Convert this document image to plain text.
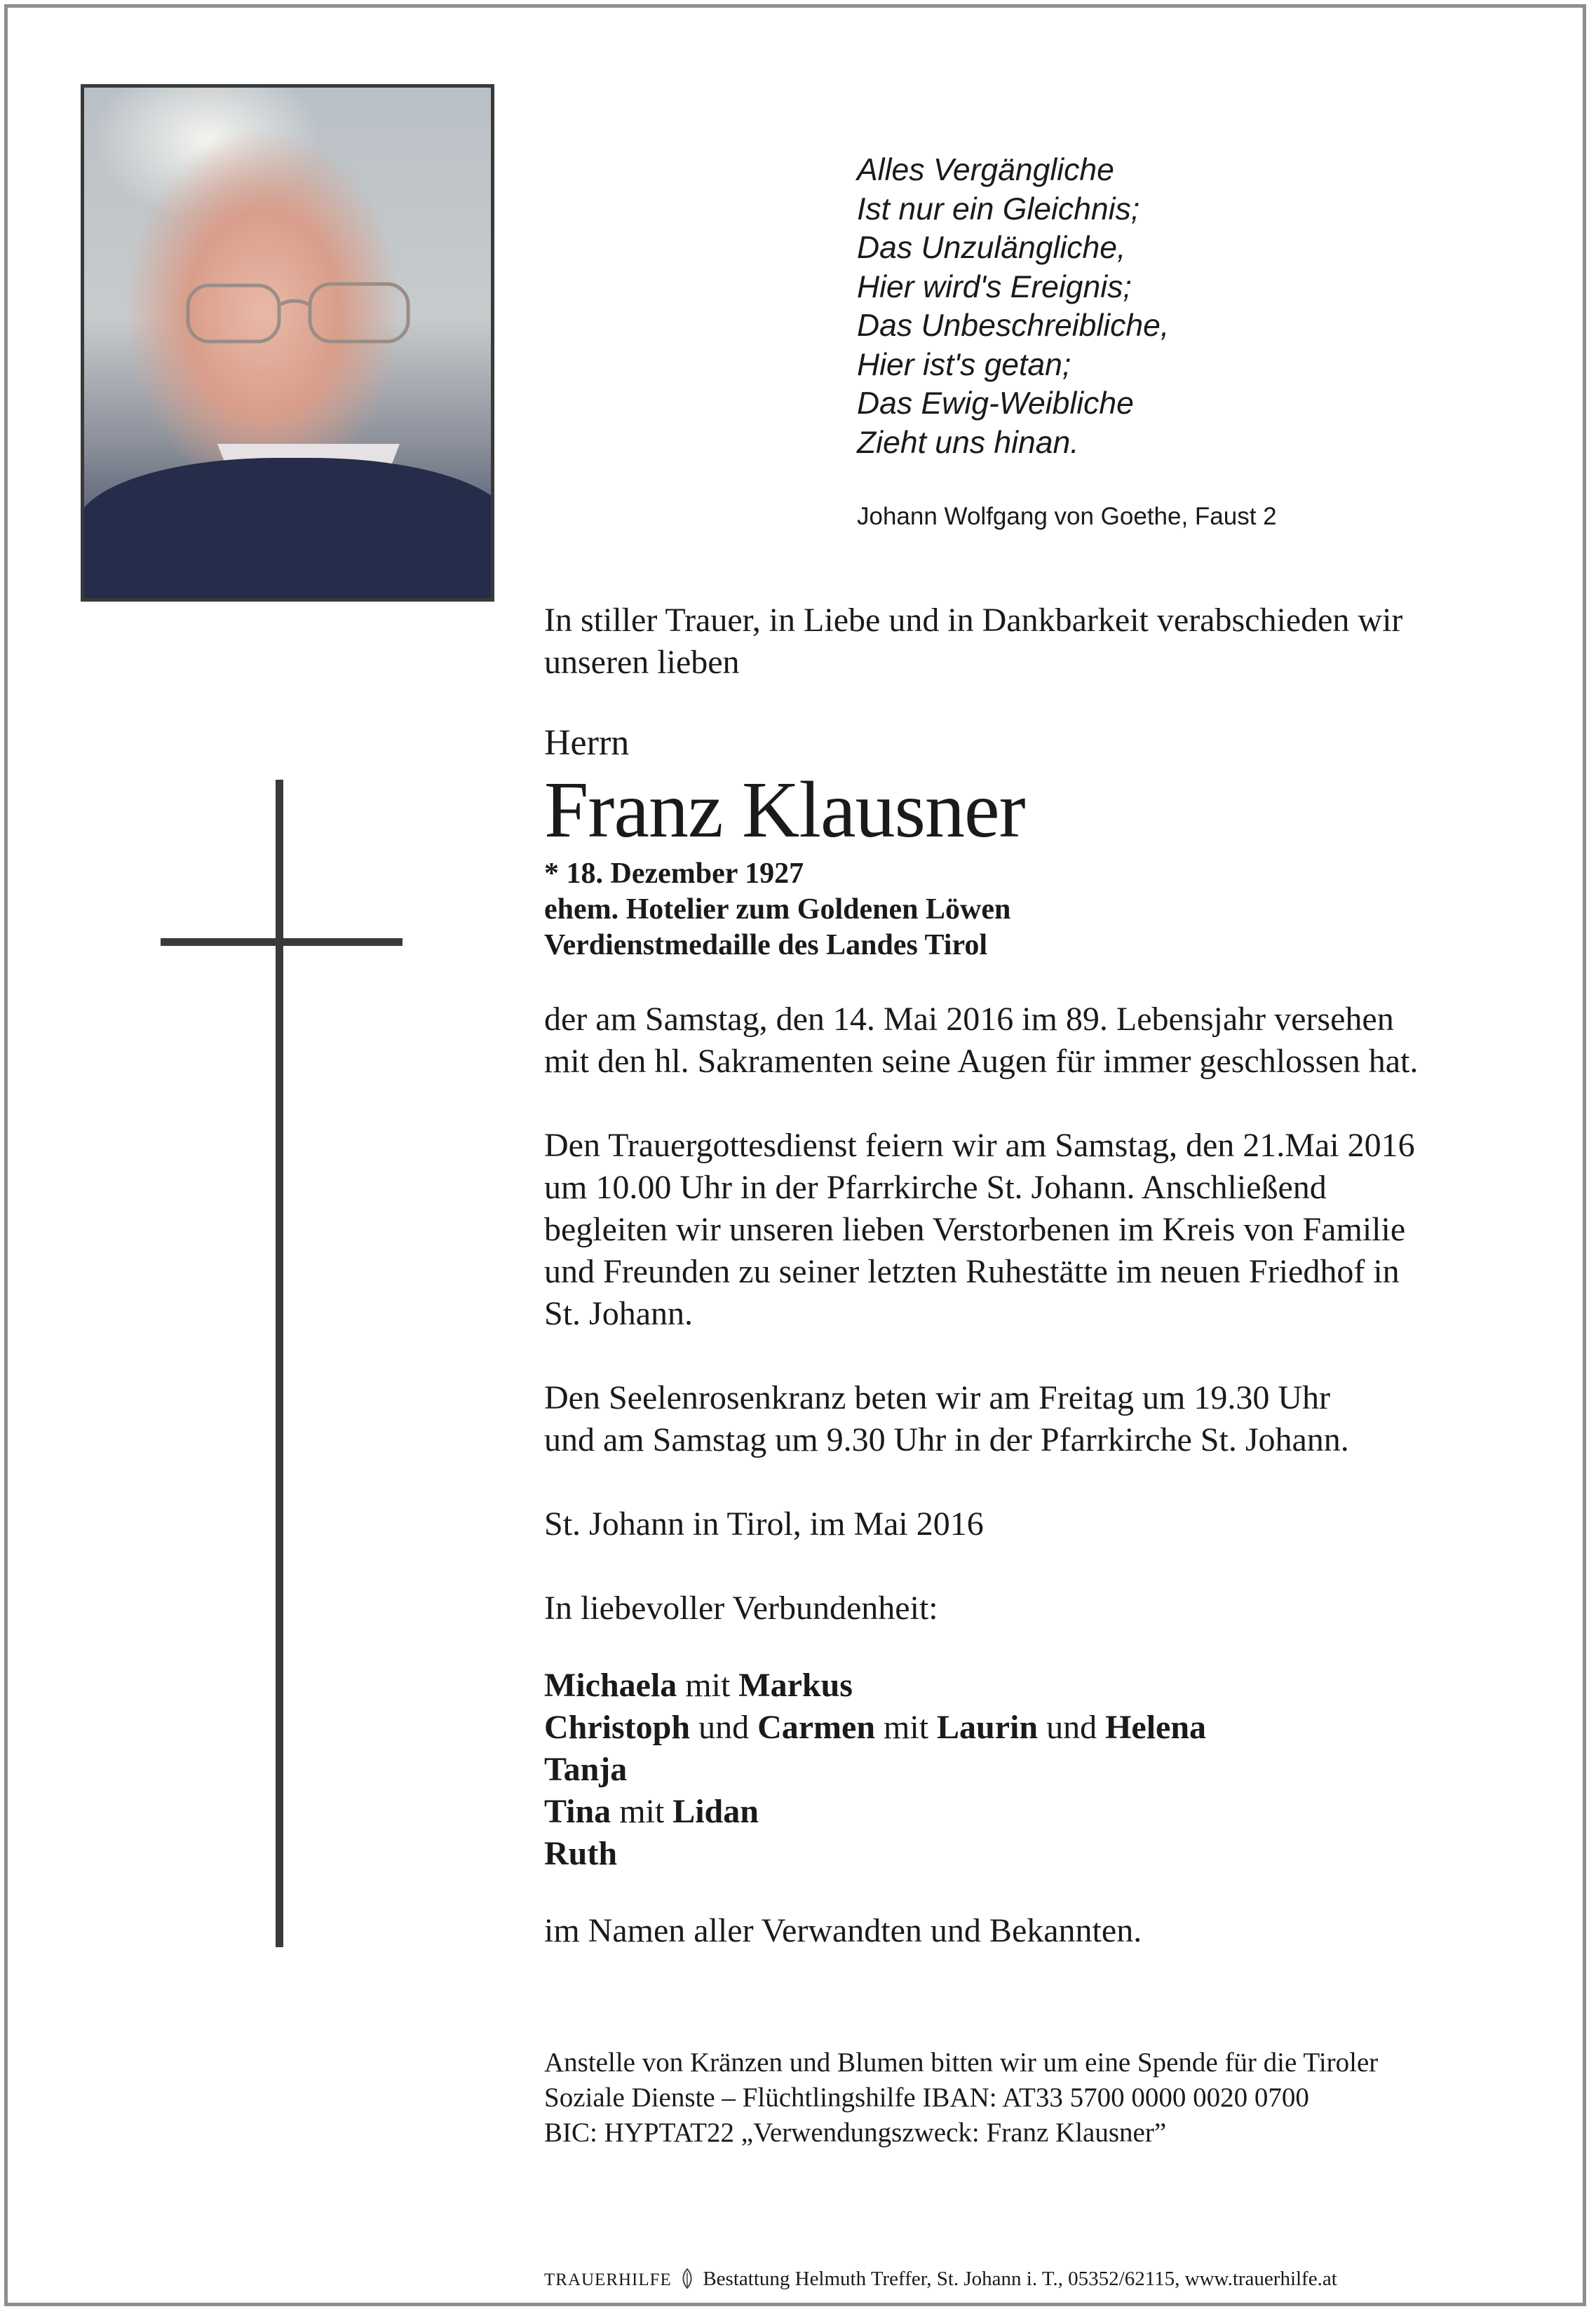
Alles Vergängliche
Ist nur ein Gleichnis;
Das Unzulängliche,
Hier wird's Ereignis;
Das Unbeschreibliche,
Hier ist's getan;
Das Ewig-Weibliche
Zieht uns hinan.
Johann Wolfgang von Goethe, Faust 2

In stiller Trauer, in Liebe und in Dankbarkeit verabschieden wir

unseren lieben

Herrn

Franz Klausner

* 18. Dezember 1927

ehem. Hotelier zum Goldenen Löwen

Verdienstmedaille des Landes Tirol

der am Samstag, den 14. Mai 2016 im 89. Lebensjahr versehen

mit den hl. Sakramenten seine Augen für immer geschlossen hat.

Den Trauergottesdienst feiern wir am Samstag, den 21.Mai 2016

um 10.00 Uhr in der Pfarrkirche St. Johann. Anschließend

begleiten wir unseren lieben Verstorbenen im Kreis von Familie

und Freunden zu seiner letzten Ruhestätte im neuen Friedhof in

St. Johann.

Den Seelenrosenkranz beten wir am Freitag um 19.30 Uhr

und am Samstag um 9.30 Uhr in der Pfarrkirche St. Johann.

St. Johann in Tirol, im Mai 2016

In liebevoller Verbundenheit:

Michaela mit Markus

Christoph und Carmen mit Laurin und Helena

Tanja

Tina mit Lidan

Ruth

im Namen aller Verwandten und Bekannten.

Anstelle von Kränzen und Blumen bitten wir um eine Spende für die Tiroler

Soziale Dienste – Flüchtlingshilfe IBAN: AT33 5700 0000 0020 0700

BIC: HYPTAT22 „Verwendungszweck: Franz Klausner”

TRAUERHILFE Bestattung Helmuth Treffer, St. Johann i. T., 05352/62115, www.trauerhilfe.at
